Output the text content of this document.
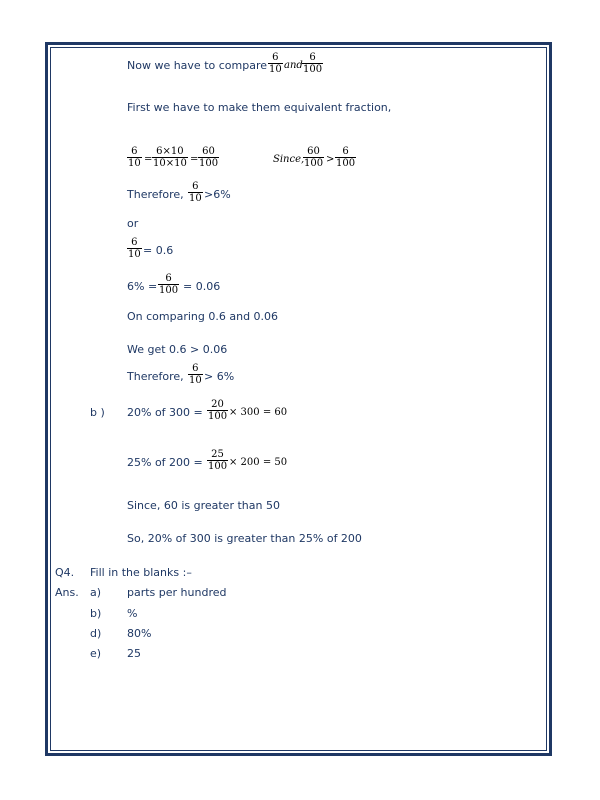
Now we have to compare $\frac{6}{10}$ and $\frac{6}{100}$
First we have to make them equivalent fraction,
$\frac{6}{10} = \frac{6\times 10}{10\times 10} = \frac{60}{100}$	Since,
$\frac{60}{100} > \frac{6}{100}$
Therefore, $\frac{6}{10} >6\%$
or
$\frac{6}{10} = 0.6$
$6\% = \frac{6}{100} = 0.06$
On comparing 0.6 and 0.06
We get 0.6 > 0.06
Therefore, $\frac{6}{10} > 6\%$
b ) 20% of $300 = \frac{20}{100} \times 300 = 60$
25% of $200 = \frac{25}{100} \times 200 = 50$
Since, 60 is greater than 50
So, 20% of 300 is greater than 25% of 200
Q4. Fill in the blanks :–
Ans. a) parts per hundred
b) %
d) 80%
e) 25
